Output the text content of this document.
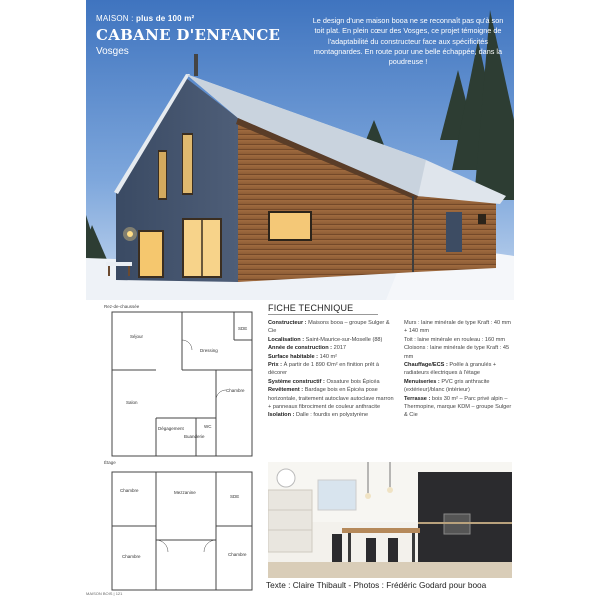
MAISON : plus de 100 m²
CABANE D'ENFANCE
Vosges
Le design d'une maison booa ne se reconnaît pas qu'à son toit plat. En plein cœur des Vosges, ce projet témoigne de l'adaptabilité du constructeur face aux spécificités montagnardes. En route pour une belle échappée, dans la poudreuse !
Rez-de-chaussée
Séjour
Dressing
SDE
Salon
Chambre
Dégagement
Buanderie
WC
Étage
Chambre	Mezzanine
SDE
Chambre	Chambre
FICHE TECHNIQUE
Constructeur : Maisons booa – groupe Sulger & Cie
Localisation : Saint-Maurice-sur-Moselle (88)
Année de construction : 2017
Surface habitable : 140 m²
Prix : À partir de 1 890 €/m² en finition prêt à décorer
Système constructif : Ossature bois Épicéa
Revêtement : Bardage bois en Épicéa pose horizontale, traitement autoclave autoclave marron + panneaux fibrociment de couleur anthracite
Isolation : Dalle : fourdis en polystyrène
Murs : laine minérale de type Kraft : 40 mm + 140 mm
Toit : laine minérale en rouleau : 160 mm
Cloisons : laine minérale de type Kraft : 45 mm
Chauffage/ECS : Poêle à granulés + radiateurs électriques à l'étage
Menuiseries : PVC gris anthracite (extérieur)/blanc (intérieur)
Terrasse : bois 30 m² – Parc privé alpin – Thermopine, marque KDM – groupe Sulger & Cie
Texte : Claire Thibault - Photos : Frédéric Godard pour booa
MAISON BOIS | 121
